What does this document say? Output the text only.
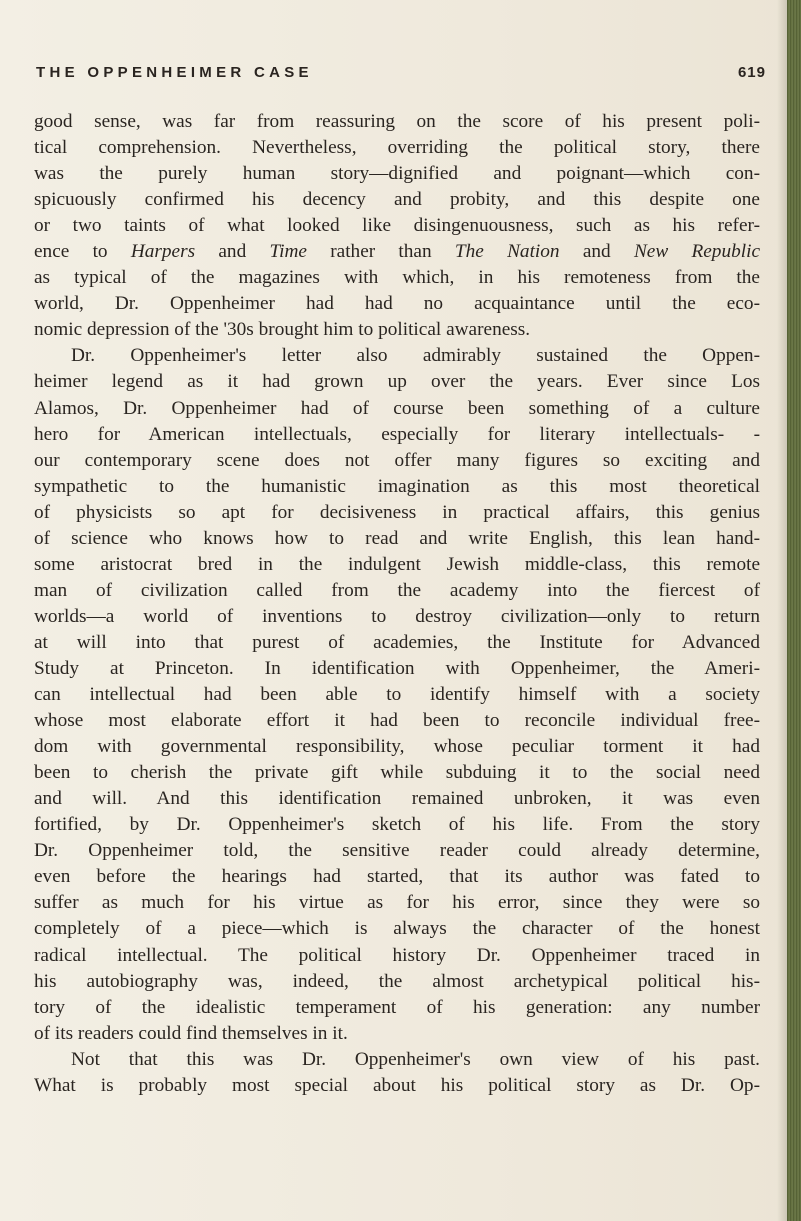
THE OPPENHEIMER CASE	619
good sense, was far from reassuring on the score of his present poli-
tical comprehension. Nevertheless, overriding the political story, there
was the purely human story—dignified and poignant—which con-
spicuously confirmed his decency and probity, and this despite one
or two taints of what looked like disingenuousness, such as his refer-
ence to Harpers and Time rather than The Nation and New Republic
as typical of the magazines with which, in his remoteness from the
world, Dr. Oppenheimer had had no acquaintance until the eco-
nomic depression of the '30s brought him to political awareness.
Dr. Oppenheimer's letter also admirably sustained the Oppen-
heimer legend as it had grown up over the years. Ever since Los
Alamos, Dr. Oppenheimer had of course been something of a culture
hero for American intellectuals, especially for literary intellectuals- -
our contemporary scene does not offer many figures so exciting and
sympathetic to the humanistic imagination as this most theoretical
of physicists so apt for decisiveness in practical affairs, this genius
of science who knows how to read and write English, this lean hand-
some aristocrat bred in the indulgent Jewish middle-class, this remote
man of civilization called from the academy into the fiercest of
worlds—a world of inventions to destroy civilization—only to return
at will into that purest of academies, the Institute for Advanced
Study at Princeton. In identification with Oppenheimer, the Ameri-
can intellectual had been able to identify himself with a society
whose most elaborate effort it had been to reconcile individual free-
dom with governmental responsibility, whose peculiar torment it had
been to cherish the private gift while subduing it to the social need
and will. And this identification remained unbroken, it was even
fortified, by Dr. Oppenheimer's sketch of his life. From the story
Dr. Oppenheimer told, the sensitive reader could already determine,
even before the hearings had started, that its author was fated to
suffer as much for his virtue as for his error, since they were so
completely of a piece—which is always the character of the honest
radical intellectual. The political history Dr. Oppenheimer traced in
his autobiography was, indeed, the almost archetypical political his-
tory of the idealistic temperament of his generation: any number
of its readers could find themselves in it.
Not that this was Dr. Oppenheimer's own view of his past.
What is probably most special about his political story as Dr. Op-
